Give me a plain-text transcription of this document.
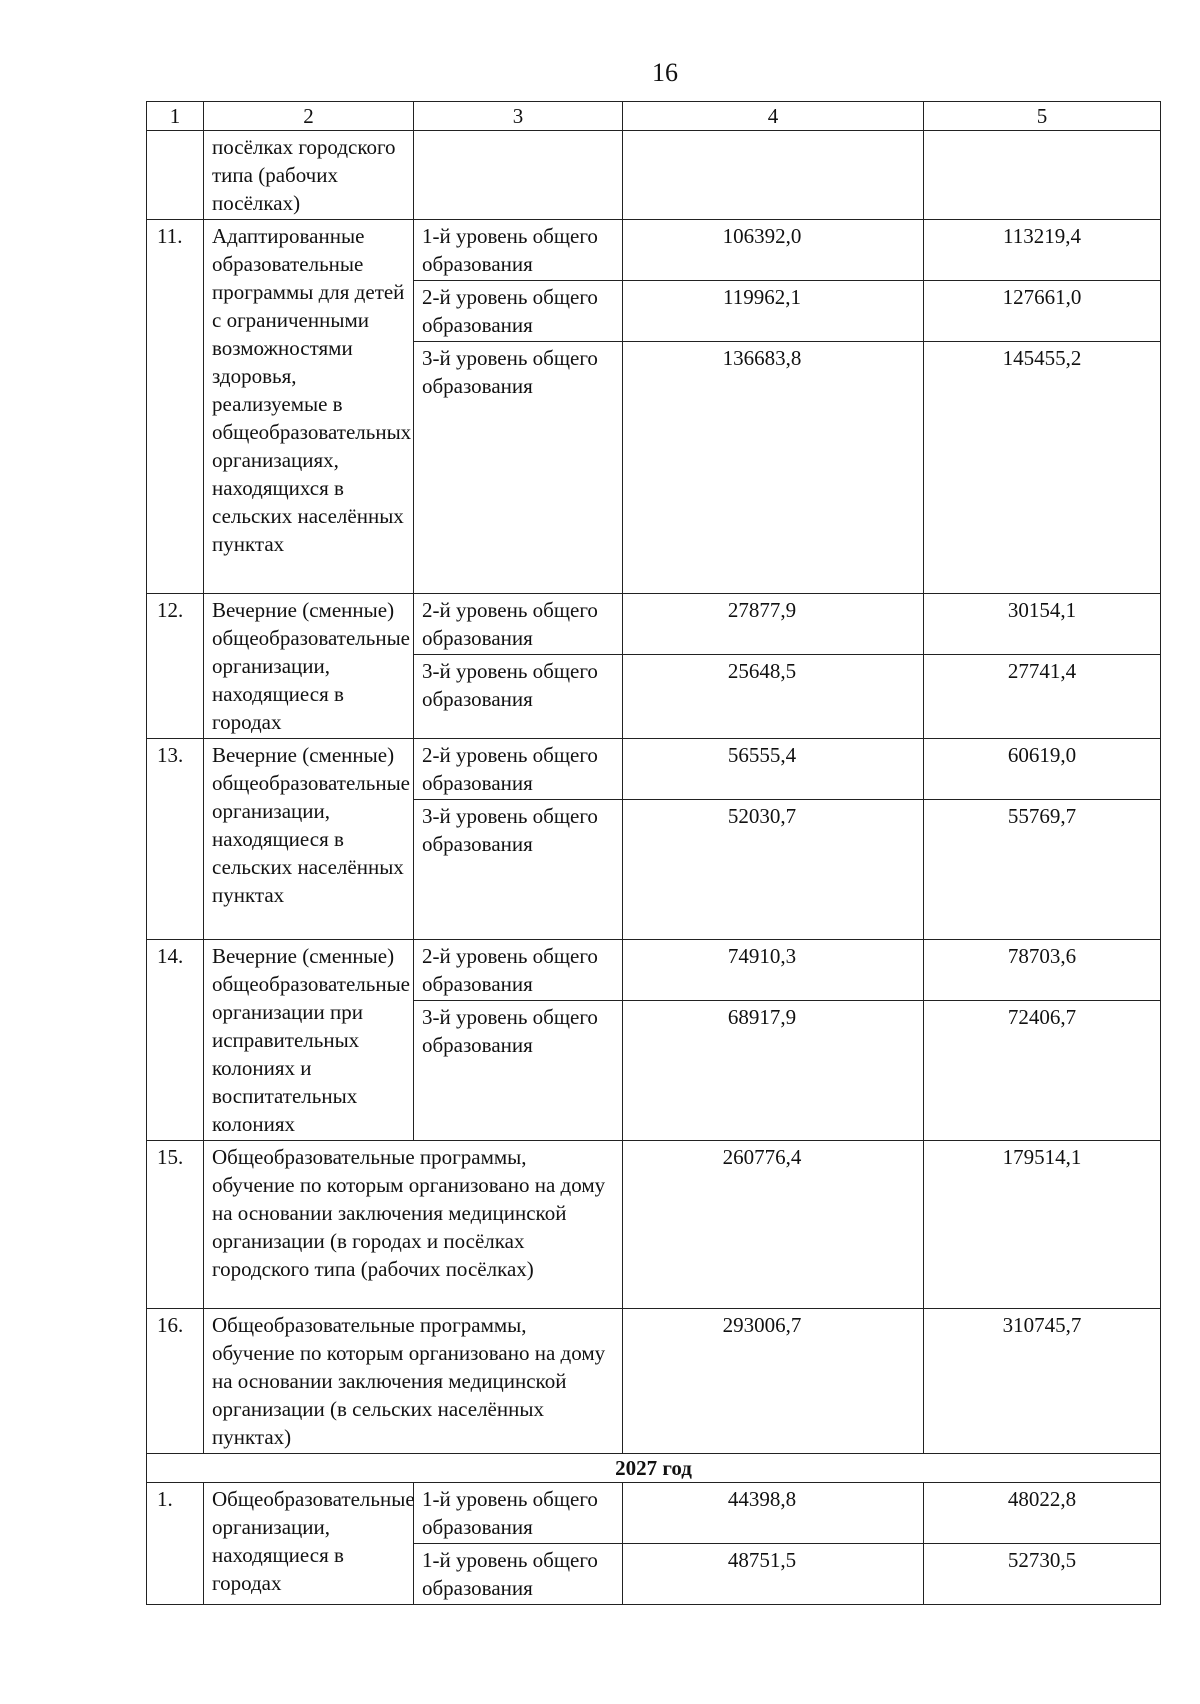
16
1	2	3	4	5
	посёлках городского типа (рабочих посёлках)			
11.	Адаптированные образовательные программы для детей с ограниченными возможностями здоровья, реализуемые в общеобразовательных организациях, находящихся в сельских населённых пунктах	1-й уровень общего образования	106392,0	113219,4
		2-й уровень общего образования	119962,1	127661,0
		3-й уровень общего образования	136683,8	145455,2
12.	Вечерние (сменные) общеобразовательные организации, находящиеся в городах	2-й уровень общего образования	27877,9	30154,1
		3-й уровень общего образования	25648,5	27741,4
13.	Вечерние (сменные) общеобразовательные организации, находящиеся в сельских населённых пунктах	2-й уровень общего образования	56555,4	60619,0
		3-й уровень общего образования	52030,7	55769,7
14.	Вечерние (сменные) общеобразовательные организации при исправительных колониях и воспитательных колониях	2-й уровень общего образования	74910,3	78703,6
		3-й уровень общего образования	68917,9	72406,7
15.	Общеобразовательные программы, обучение по которым организовано на дому на основании заключения медицинской организации (в городах и посёлках городского типа (рабочих посёлках)		260776,4	179514,1
16.	Общеобразовательные программы, обучение по которым организовано на дому на основании заключения медицинской организации (в сельских населённых пунктах)		293006,7	310745,7
2027 год				
1.	Общеобразовательные организации, находящиеся в городах	1-й уровень общего образования	44398,8	48022,8
		1-й уровень общего образования	48751,5	52730,5
